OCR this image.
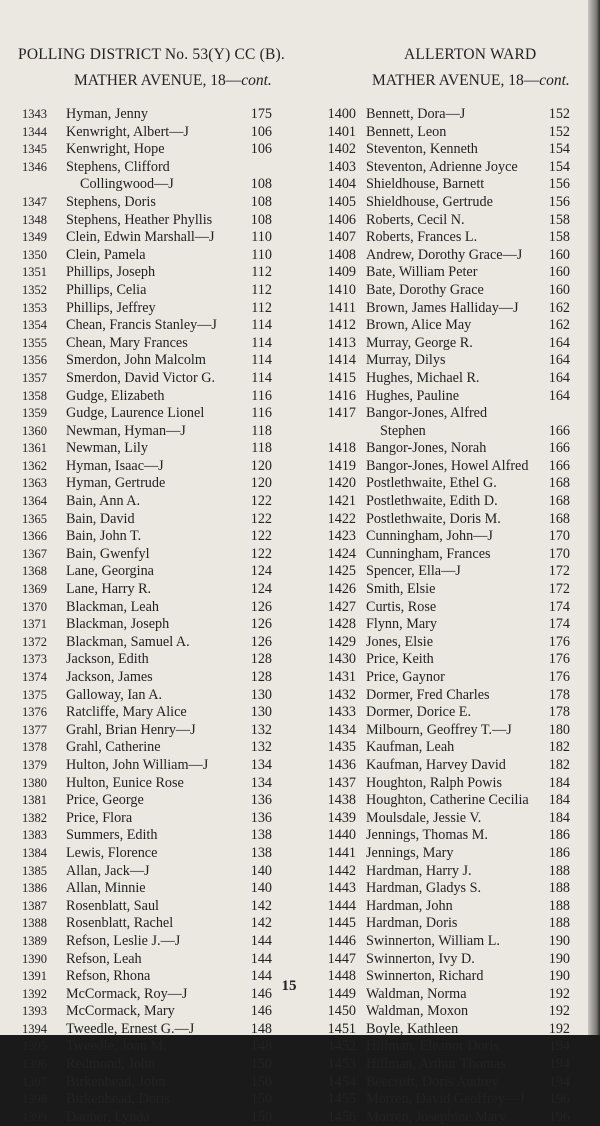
POLLING DISTRICT No. 53(Y) CC (B).	ALLERTON WARD
MATHER AVENUE, 18—cont.	MATHER AVENUE, 18—cont.
1343 Hyman, Jenny	175
1344 Kenwright, Albert—J	106
1345 Kenwright, Hope	106
1346 Stephens, Clifford
Collingwood—J	108
1347 Stephens, Doris	108
1348 Stephens, Heather Phyllis	108
1349 Clein, Edwin Marshall—J	110
1350 Clein, Pamela	110
1351 Phillips, Joseph	112
1352 Phillips, Celia	112
1353 Phillips, Jeffrey	112
1354 Chean, Francis Stanley—J	114
1355 Chean, Mary Frances	114
1356 Smerdon, John Malcolm	114
1357 Smerdon, David Victor G.	114
1358 Gudge, Elizabeth	116
1359 Gudge, Laurence Lionel	116
1360 Newman, Hyman—J	118
1361 Newman, Lily	118
1362 Hyman, Isaac—J	120
1363 Hyman, Gertrude	120
1364 Bain, Ann A.	122
1365 Bain, David	122
1366 Bain, John T.	122
1367 Bain, Gwenfyl	122
1368 Lane, Georgina	124
1369 Lane, Harry R.	124
1370 Blackman, Leah	126
1371 Blackman, Joseph	126
1372 Blackman, Samuel A.	126
1373 Jackson, Edith	128
1374 Jackson, James	128
1375 Galloway, Ian A.	130
1376 Ratcliffe, Mary Alice	130
1377 Grahl, Brian Henry—J	132
1378 Grahl, Catherine	132
1379 Hulton, John William—J	134
1380 Hulton, Eunice Rose	134
1381 Price, George	136
1382 Price, Flora	136
1383 Summers, Edith	138
1384 Lewis, Florence	138
1385 Allan, Jack—J	140
1386 Allan, Minnie	140
1387 Rosenblatt, Saul	142
1388 Rosenblatt, Rachel	142
1389 Refson, Leslie J.—J	144
1390 Refson, Leah	144
1391 Refson, Rhona	144
1392 McCormack, Roy—J	146
1393 McCormack, Mary	146
1394 Tweedle, Ernest G.—J	148
1395 Tweedle, Joan M.	148
1396 Redmond, John	150
1397 Birkenhead, John	150
1398 Birkenhead, Doris	150
1399 Dauber, Lynda	150
1400 Bennett, Dora—J	152
1401 Bennett, Leon	152
1402 Steventon, Kenneth	154
1403 Steventon, Adrienne Joyce	154
1404 Shieldhouse, Barnett	156
1405 Shieldhouse, Gertrude	156
1406 Roberts, Cecil N.	158
1407 Roberts, Frances L.	158
1408 Andrew, Dorothy Grace—J	160
1409 Bate, William Peter	160
1410 Bate, Dorothy Grace	160
1411 Brown, James Halliday—J	162
1412 Brown, Alice May	162
1413 Murray, George R.	164
1414 Murray, Dilys	164
1415 Hughes, Michael R.	164
1416 Hughes, Pauline	164
1417 Bangor-Jones, Alfred
Stephen	166
1418 Bangor-Jones, Norah	166
1419 Bangor-Jones, Howel Alfred	166
1420 Postlethwaite, Ethel G.	168
1421 Postlethwaite, Edith D.	168
1422 Postlethwaite, Doris M.	168
1423 Cunningham, John—J	170
1424 Cunningham, Frances	170
1425 Spencer, Ella—J	172
1426 Smith, Elsie	172
1427 Curtis, Rose	174
1428 Flynn, Mary	174
1429 Jones, Elsie	176
1430 Price, Keith	176
1431 Price, Gaynor	176
1432 Dormer, Fred Charles	178
1433 Dormer, Dorice E.	178
1434 Milbourn, Geoffrey T.—J	180
1435 Kaufman, Leah	182
1436 Kaufman, Harvey David	182
1437 Houghton, Ralph Powis	184
1438 Houghton, Catherine Cecilia	184
1439 Moulsdale, Jessie V.	184
1440 Jennings, Thomas M.	186
1441 Jennings, Mary	186
1442 Hardman, Harry J.	188
1443 Hardman, Gladys S.	188
1444 Hardman, John	188
1445 Hardman, Doris	188
1446 Swinnerton, William L.	190
1447 Swinnerton, Ivy D.	190
1448 Swinnerton, Richard	190
1449 Waldman, Norma	192
1450 Waldman, Moxon	192
1451 Boyle, Kathleen	192
1452 Hillman, Eleanor Doris	194
1453 Hillman, Arthur Thomas	194
1454 Beecroft, Doris Audrey	194
1455 Morren, David Geoffrey—J	196
1456 Morren, Josephine Mary	196
15
